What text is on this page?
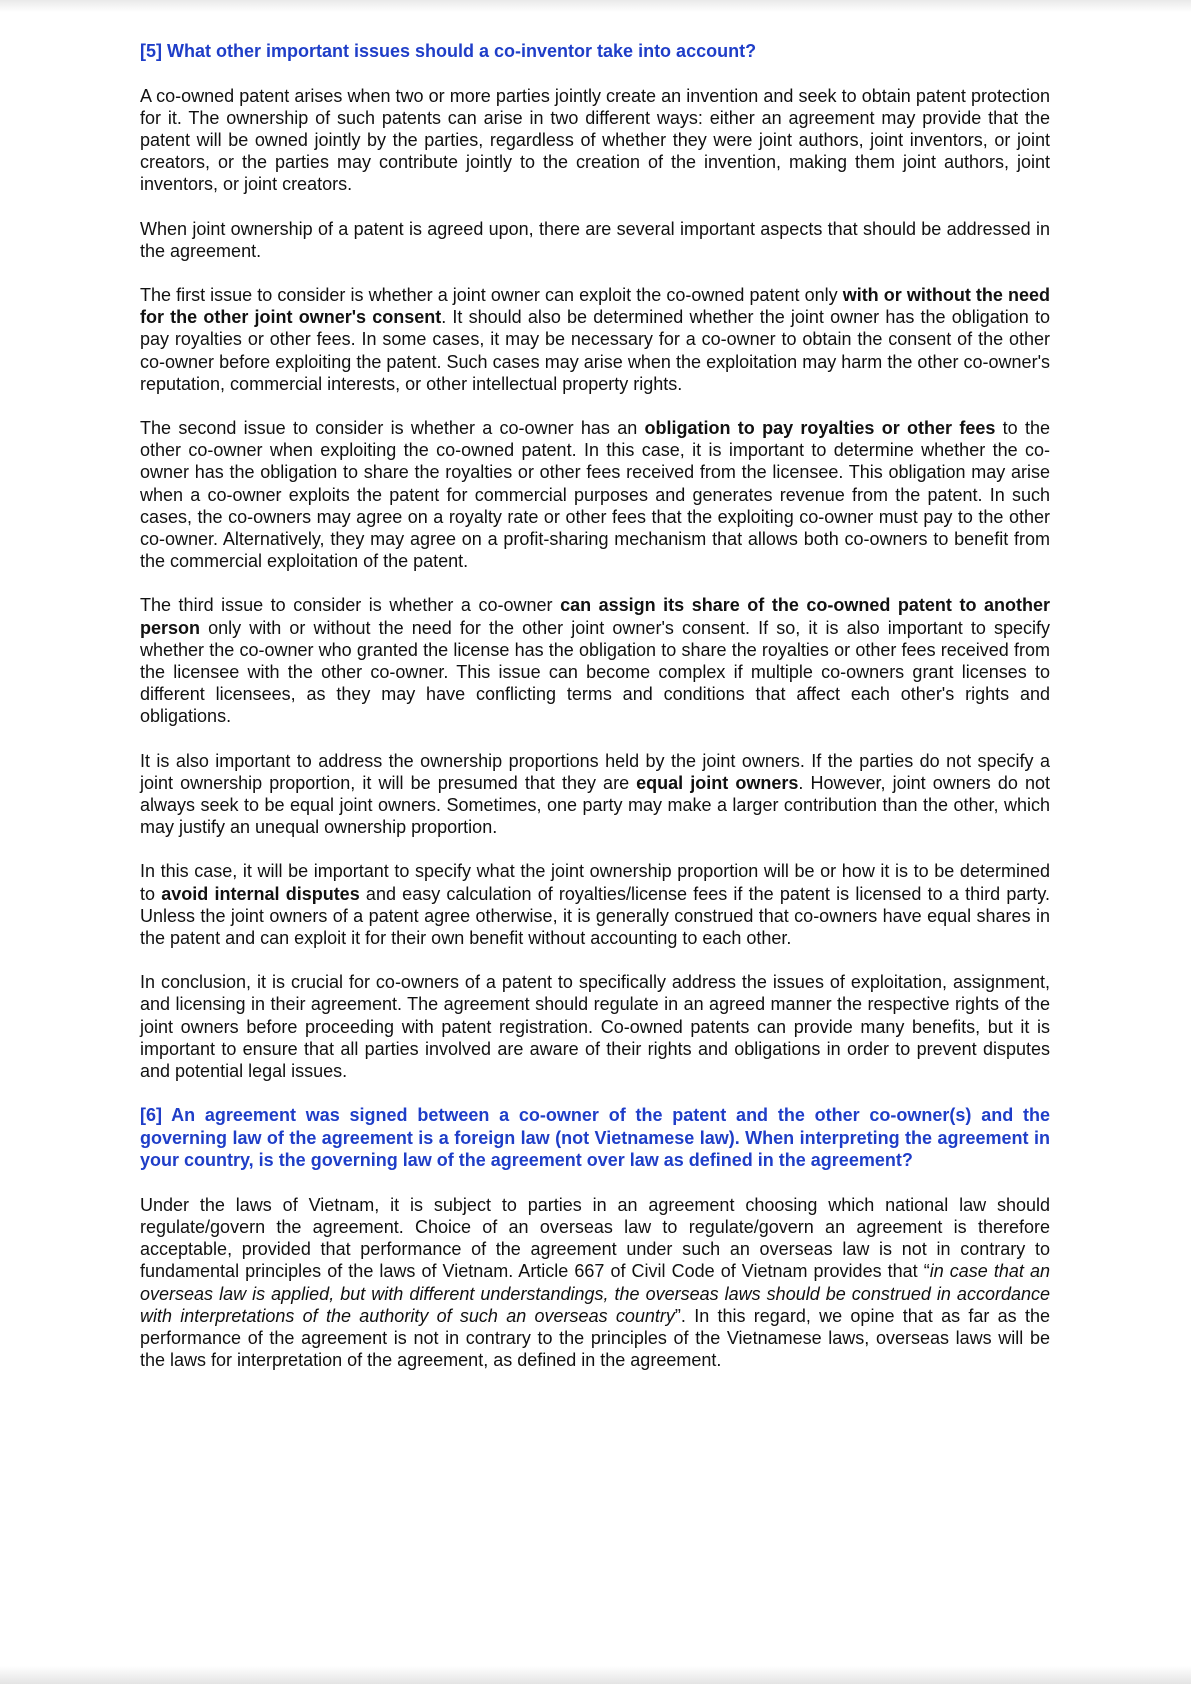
[5] What other important issues should a co-inventor take into account?

A co-owned patent arises when two or more parties jointly create an invention and seek to obtain patent protection for it. The ownership of such patents can arise in two different ways: either an agreement may provide that the patent will be owned jointly by the parties, regardless of whether they were joint authors, joint inventors, or joint creators, or the parties may contribute jointly to the creation of the invention, making them joint authors, joint inventors, or joint creators.

When joint ownership of a patent is agreed upon, there are several important aspects that should be addressed in the agreement.

The first issue to consider is whether a joint owner can exploit the co-owned patent only with or without the need for the other joint owner's consent. It should also be determined whether the joint owner has the obligation to pay royalties or other fees. In some cases, it may be necessary for a co-owner to obtain the consent of the other co-owner before exploiting the patent. Such cases may arise when the exploitation may harm the other co-owner's reputation, commercial interests, or other intellectual property rights.

The second issue to consider is whether a co-owner has an obligation to pay royalties or other fees to the other co-owner when exploiting the co-owned patent. In this case, it is important to determine whether the co-owner has the obligation to share the royalties or other fees received from the licensee. This obligation may arise when a co-owner exploits the patent for commercial purposes and generates revenue from the patent. In such cases, the co-owners may agree on a royalty rate or other fees that the exploiting co-owner must pay to the other co-owner. Alternatively, they may agree on a profit-sharing mechanism that allows both co-owners to benefit from the commercial exploitation of the patent.

The third issue to consider is whether a co-owner can assign its share of the co-owned patent to another person only with or without the need for the other joint owner's consent. If so, it is also important to specify whether the co-owner who granted the license has the obligation to share the royalties or other fees received from the licensee with the other co-owner. This issue can become complex if multiple co-owners grant licenses to different licensees, as they may have conflicting terms and conditions that affect each other's rights and obligations.

It is also important to address the ownership proportions held by the joint owners. If the parties do not specify a joint ownership proportion, it will be presumed that they are equal joint owners. However, joint owners do not always seek to be equal joint owners. Sometimes, one party may make a larger contribution than the other, which may justify an unequal ownership proportion.

In this case, it will be important to specify what the joint ownership proportion will be or how it is to be determined to avoid internal disputes and easy calculation of royalties/license fees if the patent is licensed to a third party. Unless the joint owners of a patent agree otherwise, it is generally construed that co-owners have equal shares in the patent and can exploit it for their own benefit without accounting to each other.

In conclusion, it is crucial for co-owners of a patent to specifically address the issues of exploitation, assignment, and licensing in their agreement. The agreement should regulate in an agreed manner the respective rights of the joint owners before proceeding with patent registration. Co-owned patents can provide many benefits, but it is important to ensure that all parties involved are aware of their rights and obligations in order to prevent disputes and potential legal issues.

[6] An agreement was signed between a co-owner of the patent and the other co-owner(s) and the governing law of the agreement is a foreign law (not Vietnamese law). When interpreting the agreement in your country, is the governing law of the agreement over law as defined in the agreement?

Under the laws of Vietnam, it is subject to parties in an agreement choosing which national law should regulate/govern the agreement. Choice of an overseas law to regulate/govern an agreement is therefore acceptable, provided that performance of the agreement under such an overseas law is not in contrary to fundamental principles of the laws of Vietnam. Article 667 of Civil Code of Vietnam provides that “in case that an overseas law is applied, but with different understandings, the overseas laws should be construed in accordance with interpretations of the authority of such an overseas country”. In this regard, we opine that as far as the performance of the agreement is not in contrary to the principles of the Vietnamese laws, overseas laws will be the laws for interpretation of the agreement, as defined in the agreement.
